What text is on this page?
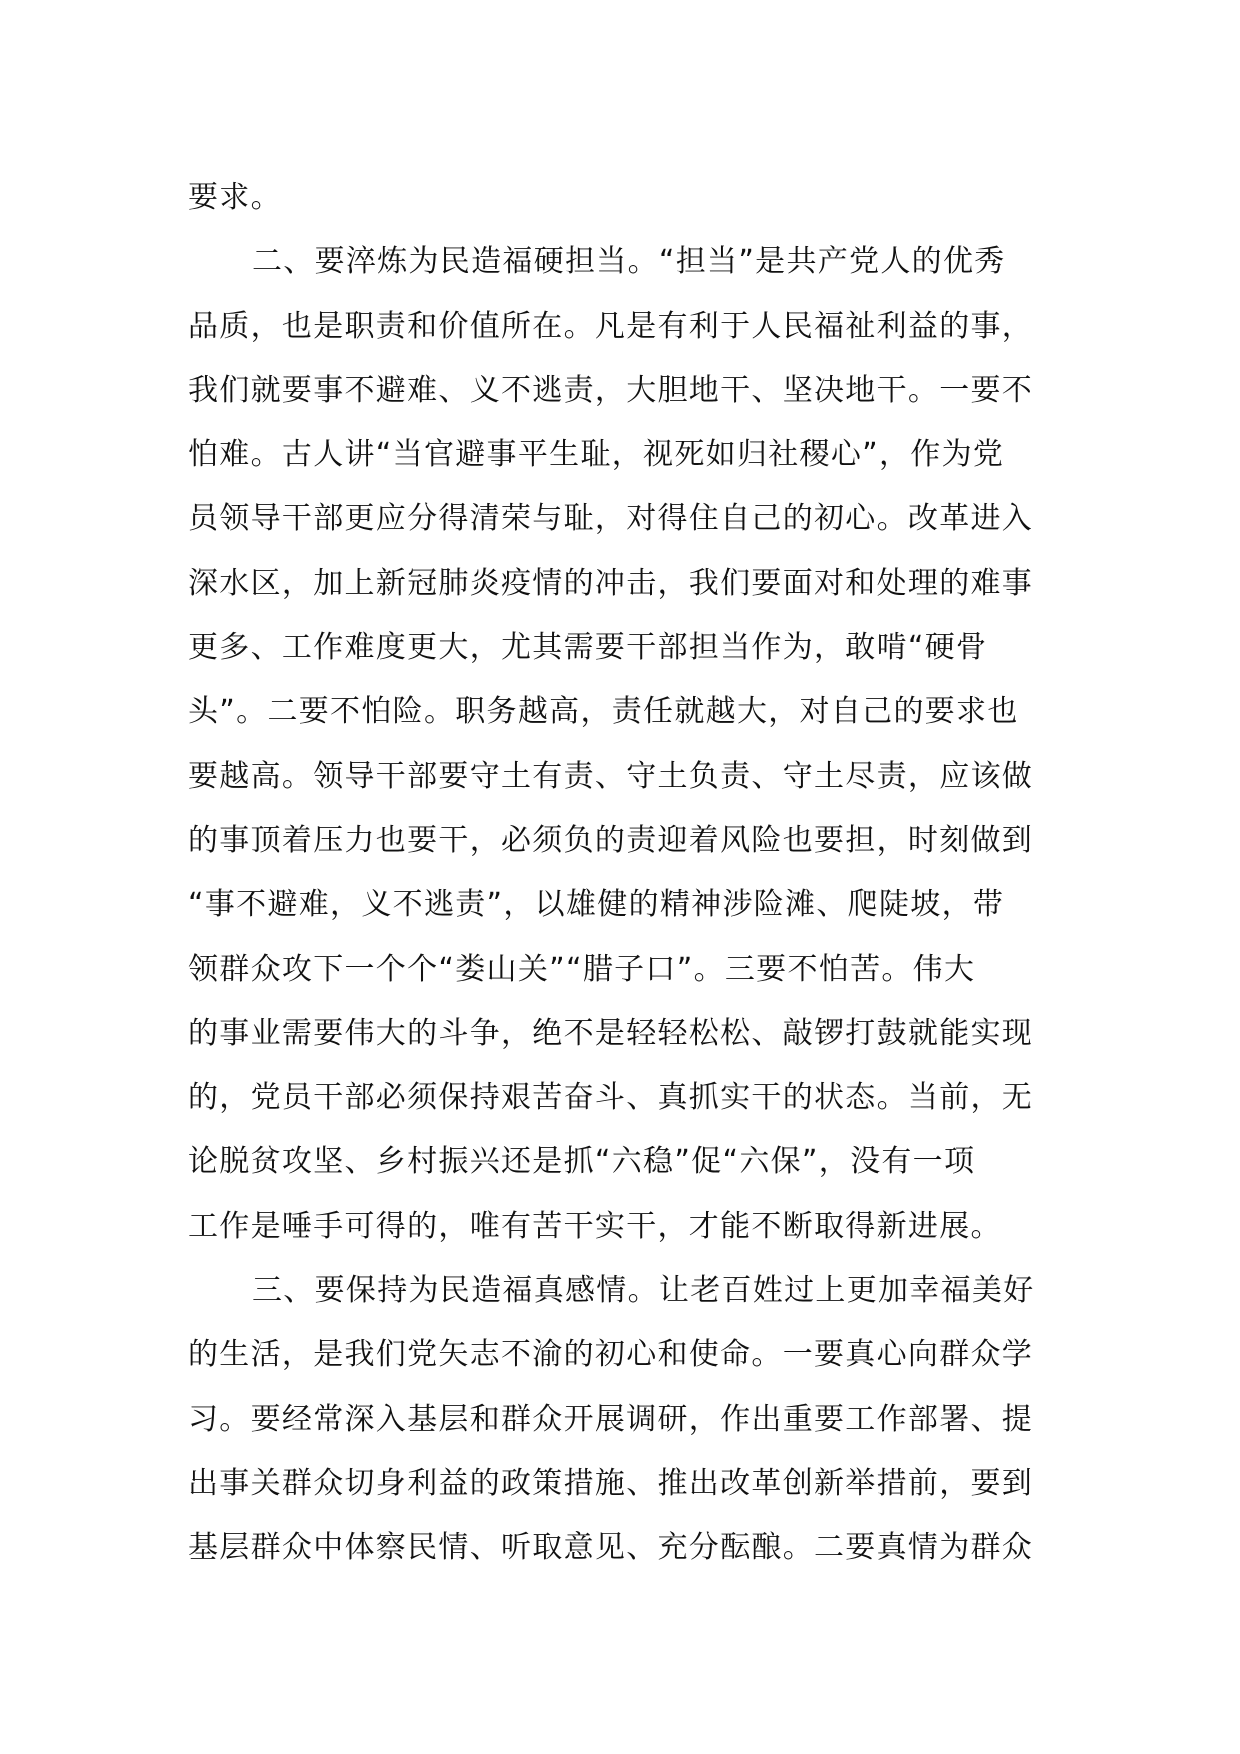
要求。
二、要淬炼为民造福硬担当。“担当”是共产党人的优秀
品质，也是职责和价值所在。凡是有利于人民福祉利益的事，
我们就要事不避难、义不逃责，大胆地干、坚决地干。一要不
怕难。古人讲“当官避事平生耻，视死如归社稷心”，作为党
员领导干部更应分得清荣与耻，对得住自己的初心。改革进入
深水区，加上新冠肺炎疫情的冲击，我们要面对和处理的难事
更多、工作难度更大，尤其需要干部担当作为，敢啃“硬骨
头”。二要不怕险。职务越高，责任就越大，对自己的要求也
要越高。领导干部要守土有责、守土负责、守土尽责，应该做
的事顶着压力也要干，必须负的责迎着风险也要担，时刻做到
“事不避难，义不逃责”，以雄健的精神涉险滩、爬陡坡，带
领群众攻下一个个“娄山关”“腊子口”。三要不怕苦。伟大
的事业需要伟大的斗争，绝不是轻轻松松、敲锣打鼓就能实现
的，党员干部必须保持艰苦奋斗、真抓实干的状态。当前，无
论脱贫攻坚、乡村振兴还是抓“六稳”促“六保”，没有一项
工作是唾手可得的，唯有苦干实干，才能不断取得新进展。
三、要保持为民造福真感情。让老百姓过上更加幸福美好
的生活，是我们党矢志不渝的初心和使命。一要真心向群众学
习。要经常深入基层和群众开展调研，作出重要工作部署、提
出事关群众切身利益的政策措施、推出改革创新举措前，要到
基层群众中体察民情、听取意见、充分酝酿。二要真情为群众
